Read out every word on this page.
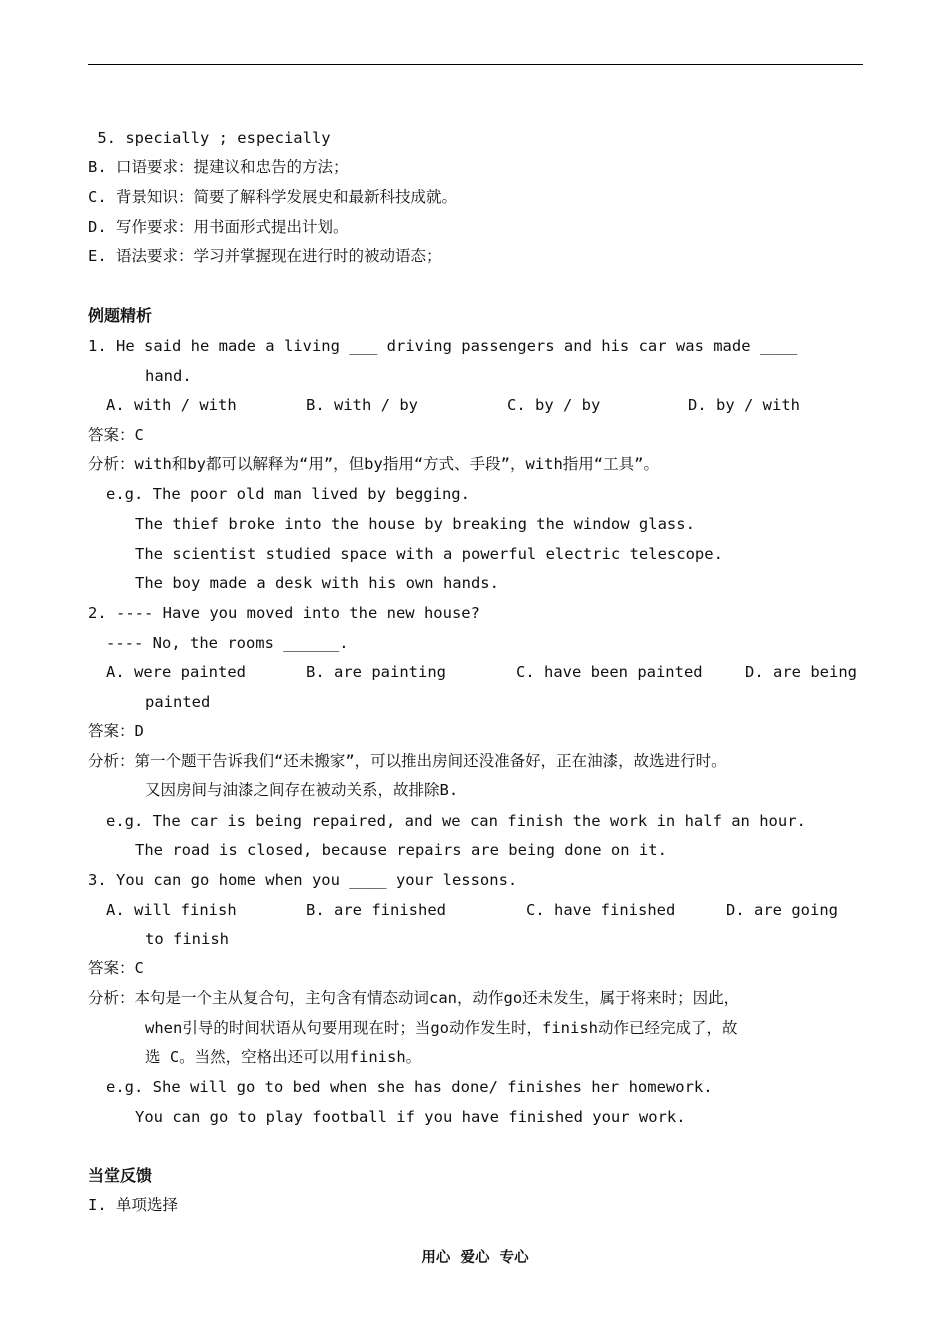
5. specially ; especially
B. 口语要求：提建议和忠告的方法；
C. 背景知识：简要了解科学发展史和最新科技成就。
D. 写作要求：用书面形式提出计划。
E. 语法要求：学习并掌握现在进行时的被动语态；
例题精析
1. He said he made a living ___ driving passengers and his car was made ____
hand.
A. with / with	B. with / by	C. by / by	D. by / with
答案：C
分析：with和by都可以解释为“用”，但by指用“方式、手段”，with指用“工具”。
e.g. The poor old man lived by begging.
The thief broke into the house by breaking the window glass.
The scientist studied space with a powerful electric telescope.
The boy made a desk with his own hands.
2. ---- Have you moved into the new house?
---- No, the rooms ______.
A. were painted	B. are painting	C. have been painted	D. are being
painted
答案：D
分析：第一个题干告诉我们“还未搬家”，可以推出房间还没准备好，正在油漆，故选进行时。
又因房间与油漆之间存在被动关系，故排除B.
e.g. The car is being repaired, and we can finish the work in half an hour.
The road is closed, because repairs are being done on it.
3. You can go home when you ____ your lessons.
A. will finish	B. are finished	C. have finished	D. are going
to finish
答案：C
分析：本句是一个主从复合句，主句含有情态动词can，动作go还未发生，属于将来时；因此，
when引导的时间状语从句要用现在时；当go动作发生时，finish动作已经完成了，故
选 C。当然，空格出还可以用finish。
e.g. She will go to bed when she has done/ finishes her homework.
You can go to play football if you have finished your work.
当堂反馈
I. 单项选择
用心  爱心  专心
